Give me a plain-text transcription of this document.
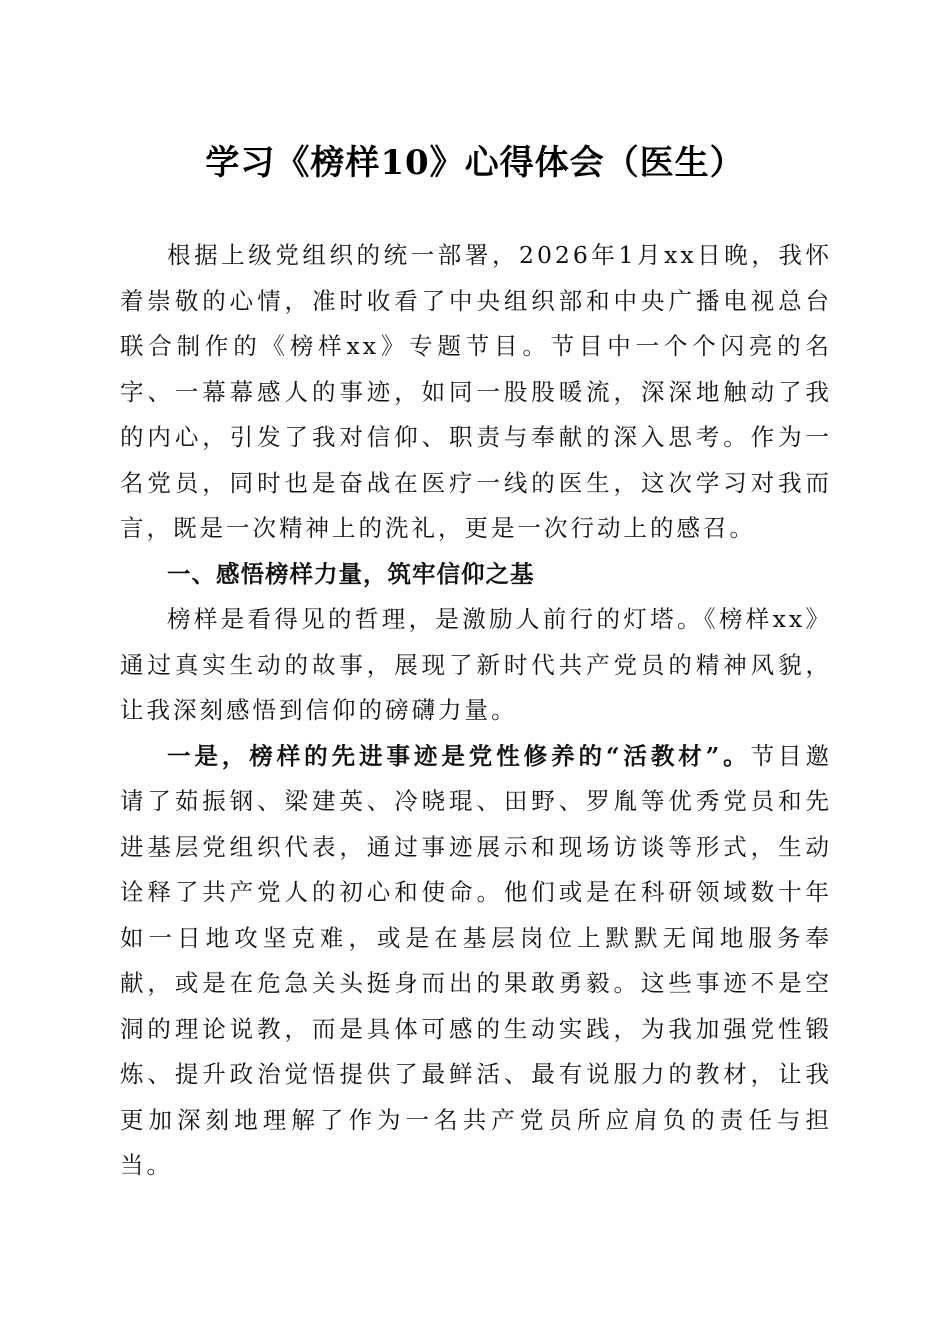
学习《榜样10》心得体会（医生）

根据上级党组织的统一部署，2026年1月xx日晚，我怀着崇敬的心情，准时收看了中央组织部和中央广播电视总台联合制作的《榜样xx》专题节目。节目中一个个闪亮的名字、一幕幕感人的事迹，如同一股股暖流，深深地触动了我的内心，引发了我对信仰、职责与奉献的深入思考。作为一名党员，同时也是奋战在医疗一线的医生，这次学习对我而言，既是一次精神上的洗礼，更是一次行动上的感召。

一、感悟榜样力量，筑牢信仰之基

榜样是看得见的哲理，是激励人前行的灯塔。《榜样xx》通过真实生动的故事，展现了新时代共产党员的精神风貌，让我深刻感悟到信仰的磅礴力量。

一是，榜样的先进事迹是党性修养的“活教材”。节目邀请了茹振钢、梁建英、冷晓琨、田野、罗胤等优秀党员和先进基层党组织代表，通过事迹展示和现场访谈等形式，生动诠释了共产党人的初心和使命。他们或是在科研领域数十年如一日地攻坚克难，或是在基层岗位上默默无闻地服务奉献，或是在危急关头挺身而出的果敢勇毅。这些事迹不是空洞的理论说教，而是具体可感的生动实践，为我加强党性锻炼、提升政治觉悟提供了最鲜活、最有说服力的教材，让我更加深刻地理解了作为一名共产党员所应肩负的责任与担当。
